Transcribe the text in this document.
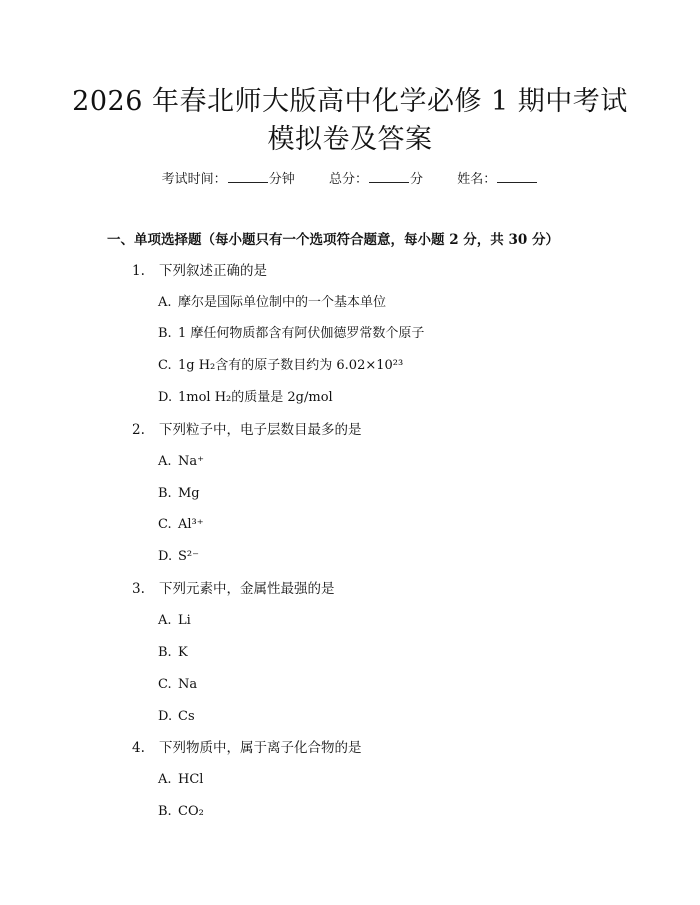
2026 年春北师大版高中化学必修 1 期中考试
模拟卷及答案
考试时间：	分钟	总分：	分	姓名：
一、单项选择题（每小题只有一个选项符合题意，每小题 2 分，共 30 分）
1. 下列叙述正确的是
A. 摩尔是国际单位制中的一个基本单位
B. 1 摩任何物质都含有阿伏伽德罗常数个原子
C. 1g H₂含有的原子数目约为 6.02×10²³
D. 1mol H₂的质量是 2g/mol
2. 下列粒子中，电子层数目最多的是
A. Na⁺
B. Mg
C. Al³⁺
D. S²⁻
3. 下列元素中，金属性最强的是
A. Li
B. K
C. Na
D. Cs
4. 下列物质中，属于离子化合物的是
A. HCl
B. CO₂
